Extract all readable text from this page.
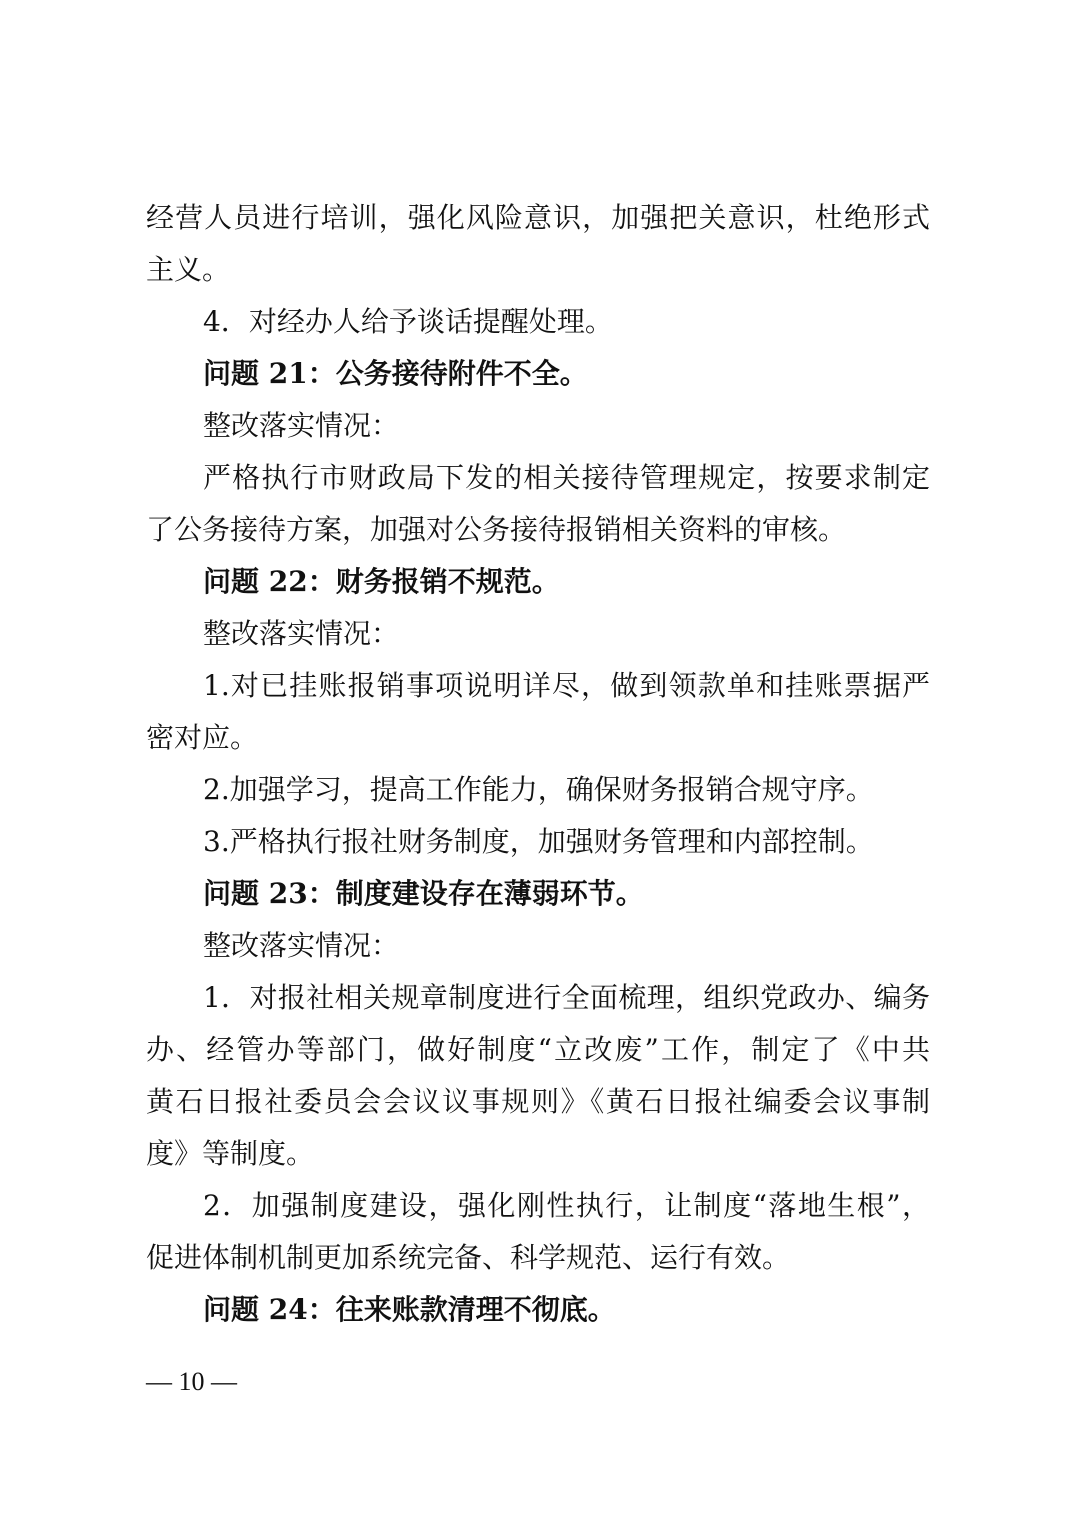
经营人员进行培训，强化风险意识，加强把关意识，杜绝形式
主义。
4．对经办人给予谈话提醒处理。
问题 21：公务接待附件不全。
整改落实情况：
严格执行市财政局下发的相关接待管理规定，按要求制定
了公务接待方案，加强对公务接待报销相关资料的审核。
问题 22：财务报销不规范。
整改落实情况：
1.对已挂账报销事项说明详尽，做到领款单和挂账票据严
密对应。
2.加强学习，提高工作能力，确保财务报销合规守序。
3.严格执行报社财务制度，加强财务管理和内部控制。
问题 23：制度建设存在薄弱环节。
整改落实情况：
1．对报社相关规章制度进行全面梳理，组织党政办、编务
办、经管办等部门，做好制度“立改废”工作，制定了《中共
黄石日报社委员会会议议事规则》《黄石日报社编委会议事制
度》等制度。
2．加强制度建设，强化刚性执行，让制度“落地生根”，
促进体制机制更加系统完备、科学规范、运行有效。
问题 24：往来账款清理不彻底。
— 10 —
